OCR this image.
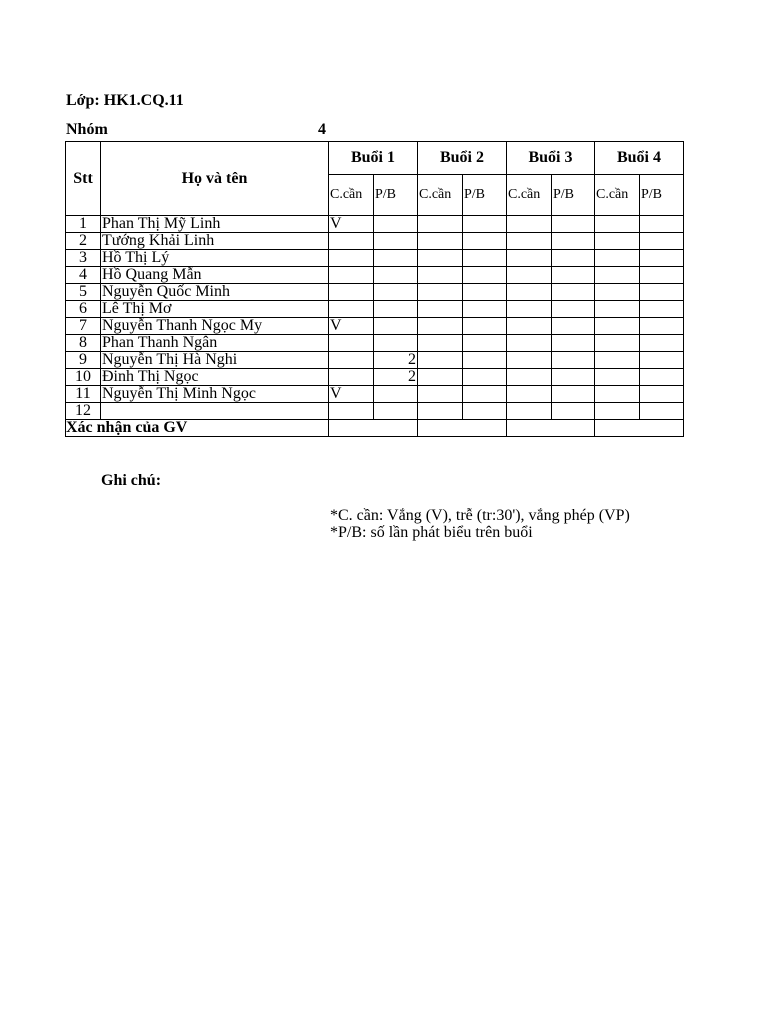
Lớp: HK1.CQ.11
Nhóm	4
Stt	Họ và tên	Buổi 1		Buổi 2		Buổi 3		Buổi 4	
		C.cần	P/B	C.cần	P/B	C.cần	P/B	C.cần	P/B
1	Phan Thị Mỹ Linh	V							
2	Tướng Khải Linh								
3	Hồ Thị Lý								
4	Hồ Quang Mẫn								
5	Nguyễn Quốc Minh								
6	Lê Thị Mơ								
7	Nguyễn Thanh Ngọc My	V							
8	Phan Thanh Ngân								
9	Nguyễn Thị Hà Nghi		2						
10	Đinh Thị Ngọc		2						
11	Nguyễn Thị Minh Ngọc	V							
12									
Xác nhận của GV									
Ghi chú:
*C. cần: Vắng (V), trễ (tr:30'), vắng phép (VP)
*P/B: số lần phát biểu trên buổi
